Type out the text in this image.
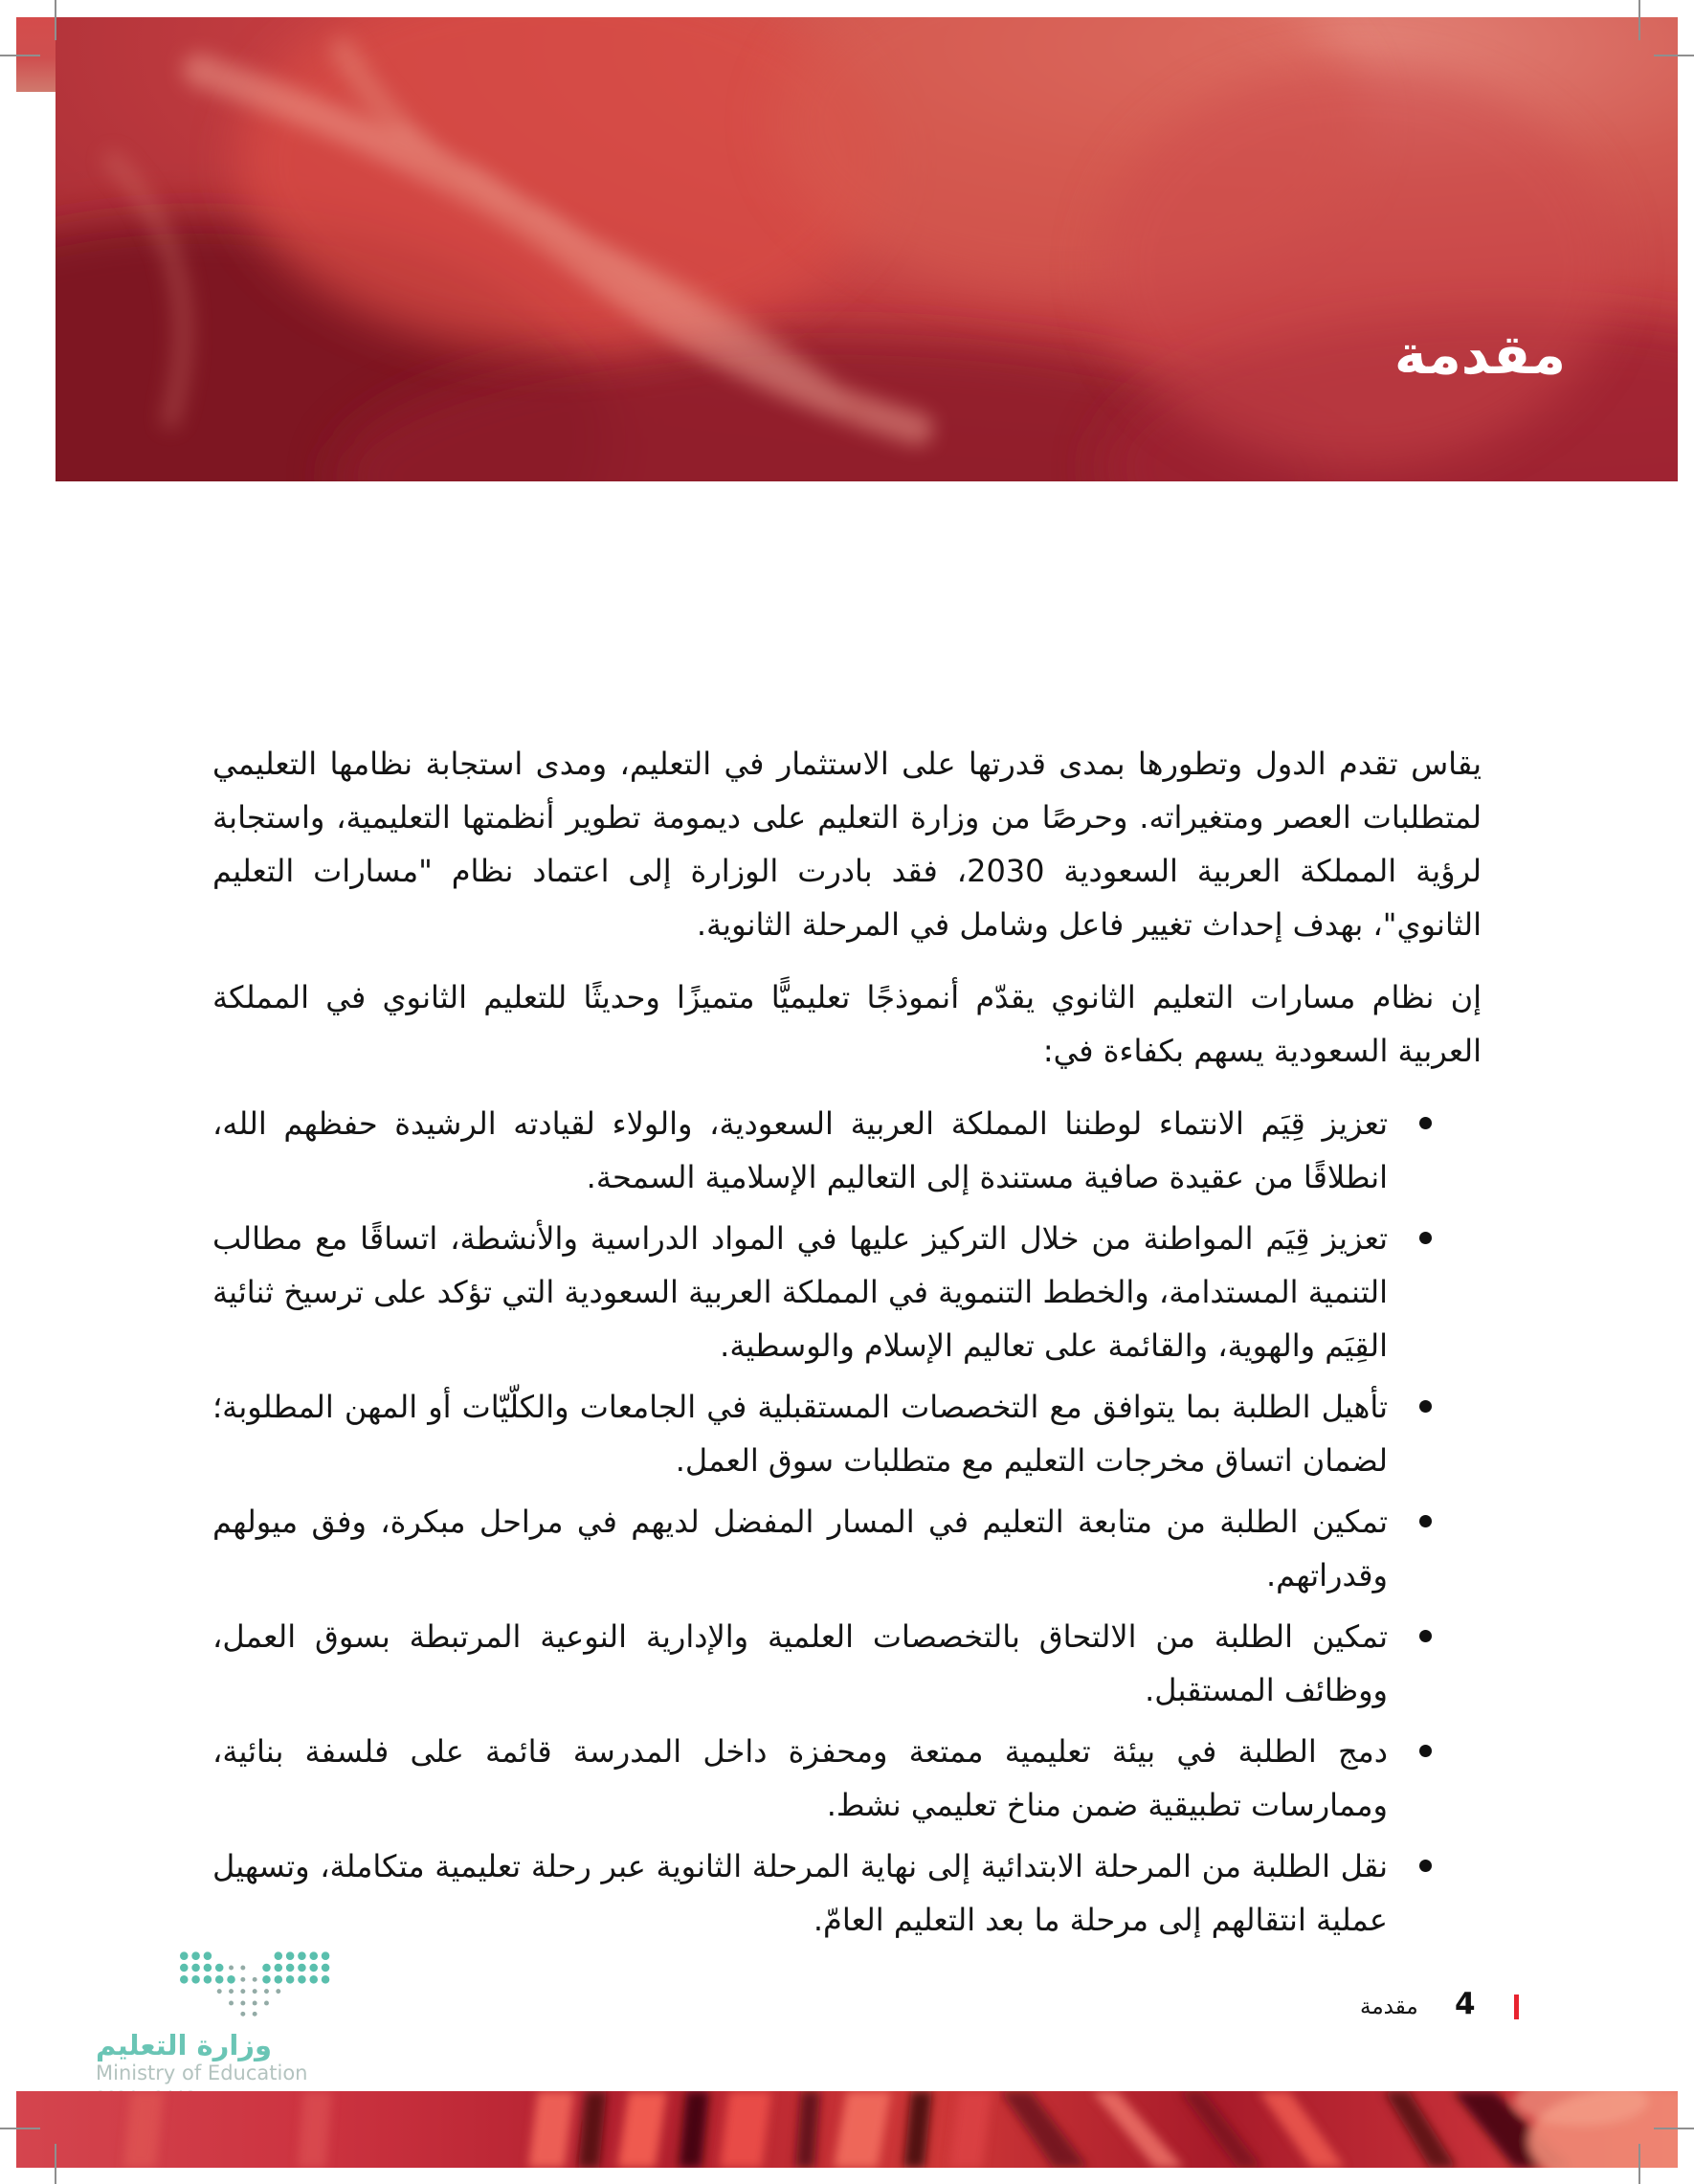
مقدمة

يقاس تقدم الدول وتطورها بمدى قدرتها على الاستثمار في التعليم، ومدى استجابة نظامها التعليمي لمتطلبات العصر ومتغيراته. وحرصًا من وزارة التعليم على ديمومة تطوير أنظمتها التعليمية، واستجابة لرؤية المملكة العربية السعودية 2030، فقد بادرت الوزارة إلى اعتماد نظام "مسارات التعليم الثانوي"، بهدف إحداث تغيير فاعل وشامل في المرحلة الثانوية.

إن نظام مسارات التعليم الثانوي يقدّم أنموذجًا تعليميًّا متميزًا وحديثًا للتعليم الثانوي في المملكة العربية السعودية يسهم بكفاءة في:

تعزيز قِيَم الانتماء لوطننا المملكة العربية السعودية، والولاء لقيادته الرشيدة حفظهم الله، انطلاقًا من عقيدة صافية مستندة إلى التعاليم الإسلامية السمحة.
تعزيز قِيَم المواطنة من خلال التركيز عليها في المواد الدراسية والأنشطة، اتساقًا مع مطالب التنمية المستدامة، والخطط التنموية في المملكة العربية السعودية التي تؤكد على ترسيخ ثنائية القِيَم والهوية، والقائمة على تعاليم الإسلام والوسطية.
تأهيل الطلبة بما يتوافق مع التخصصات المستقبلية في الجامعات والكلّيّات أو المهن المطلوبة؛ لضمان اتساق مخرجات التعليم مع متطلبات سوق العمل.
تمكين الطلبة من متابعة التعليم في المسار المفضل لديهم في مراحل مبكرة، وفق ميولهم وقدراتهم.
تمكين الطلبة من الالتحاق بالتخصصات العلمية والإدارية النوعية المرتبطة بسوق العمل، ووظائف المستقبل.
دمج الطلبة في بيئة تعليمية ممتعة ومحفزة داخل المدرسة قائمة على فلسفة بنائية، وممارسات تطبيقية ضمن مناخ تعليمي نشط.
نقل الطلبة من المرحلة الابتدائية إلى نهاية المرحلة الثانوية عبر رحلة تعليمية متكاملة، وتسهيل عملية انتقالهم إلى مرحلة ما بعد التعليم العامّ.
وزارة التعليم
Ministry of Education
مقدمة 4
